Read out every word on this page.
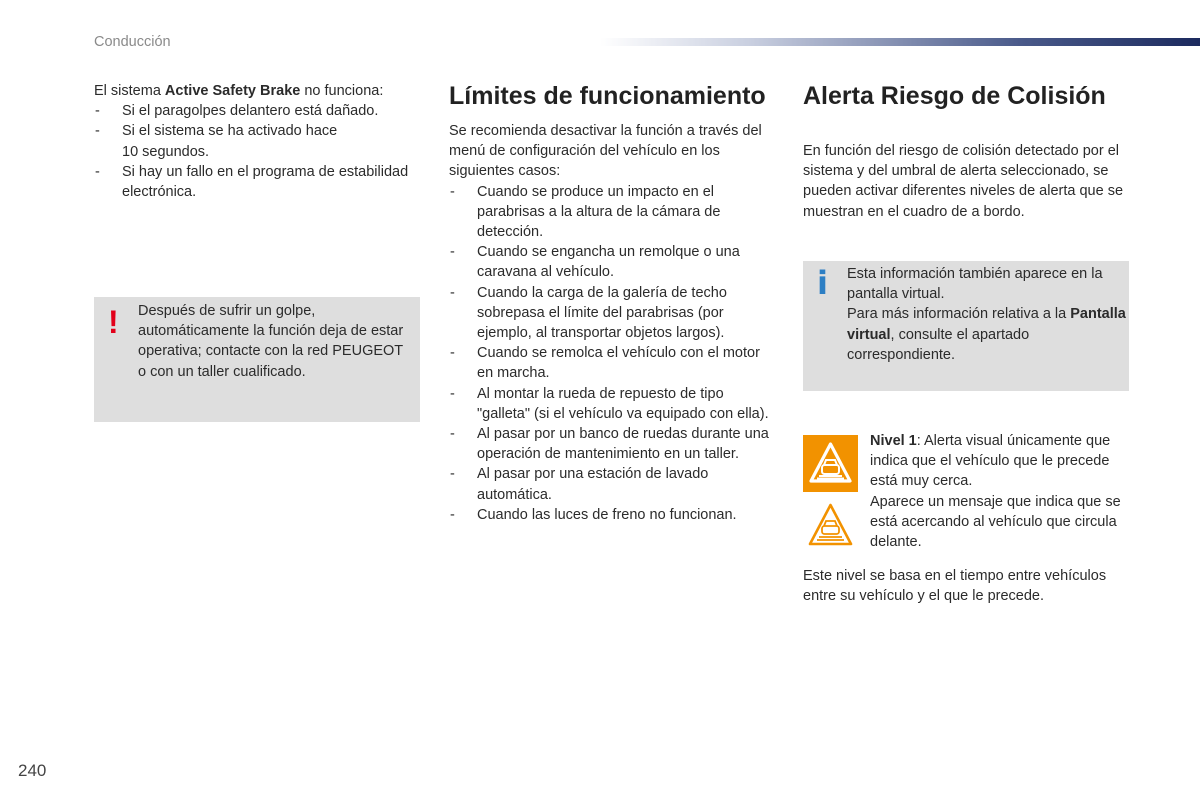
Conducción

El sistema Active Safety Brake no funciona:

- Si el paragolpes delantero está dañado.
- Si el sistema se ha activado hace
10 segundos.
- Si hay un fallo en el programa de estabilidad electrónica.
! Después de sufrir un golpe, automáticamente la función deja de estar operativa; contacte con la red PEUGEOT o con un taller cualificado.
Límites de funcionamiento

Se recomienda desactivar la función a través del menú de configuración del vehículo en los siguientes casos:

- Cuando se produce un impacto en el parabrisas a la altura de la cámara de detección.
- Cuando se engancha un remolque o una caravana al vehículo.
- Cuando la carga de la galería de techo sobrepasa el límite del parabrisas (por ejemplo, al transportar objetos largos).
- Cuando se remolca el vehículo con el motor en marcha.
- Al montar la rueda de repuesto de tipo "galleta" (si el vehículo va equipado con ella).
- Al pasar por un banco de ruedas durante una operación de mantenimiento en un taller.
- Al pasar por una estación de lavado automática.
- Cuando las luces de freno no funcionan.
Alerta Riesgo de Colisión

En función del riesgo de colisión detectado por el sistema y del umbral de alerta seleccionado, se pueden activar diferentes niveles de alerta que se muestran en el cuadro de a bordo.

i Esta información también aparece en la pantalla virtual.

Para más información relativa a la Pantalla virtual, consulte el apartado correspondiente.

Nivel 1: Alerta visual únicamente que indica que el vehículo que le precede está muy cerca.

Aparece un mensaje que indica que se está acercando al vehículo que circula delante.

Este nivel se basa en el tiempo entre vehículos entre su vehículo y el que le precede.
240
